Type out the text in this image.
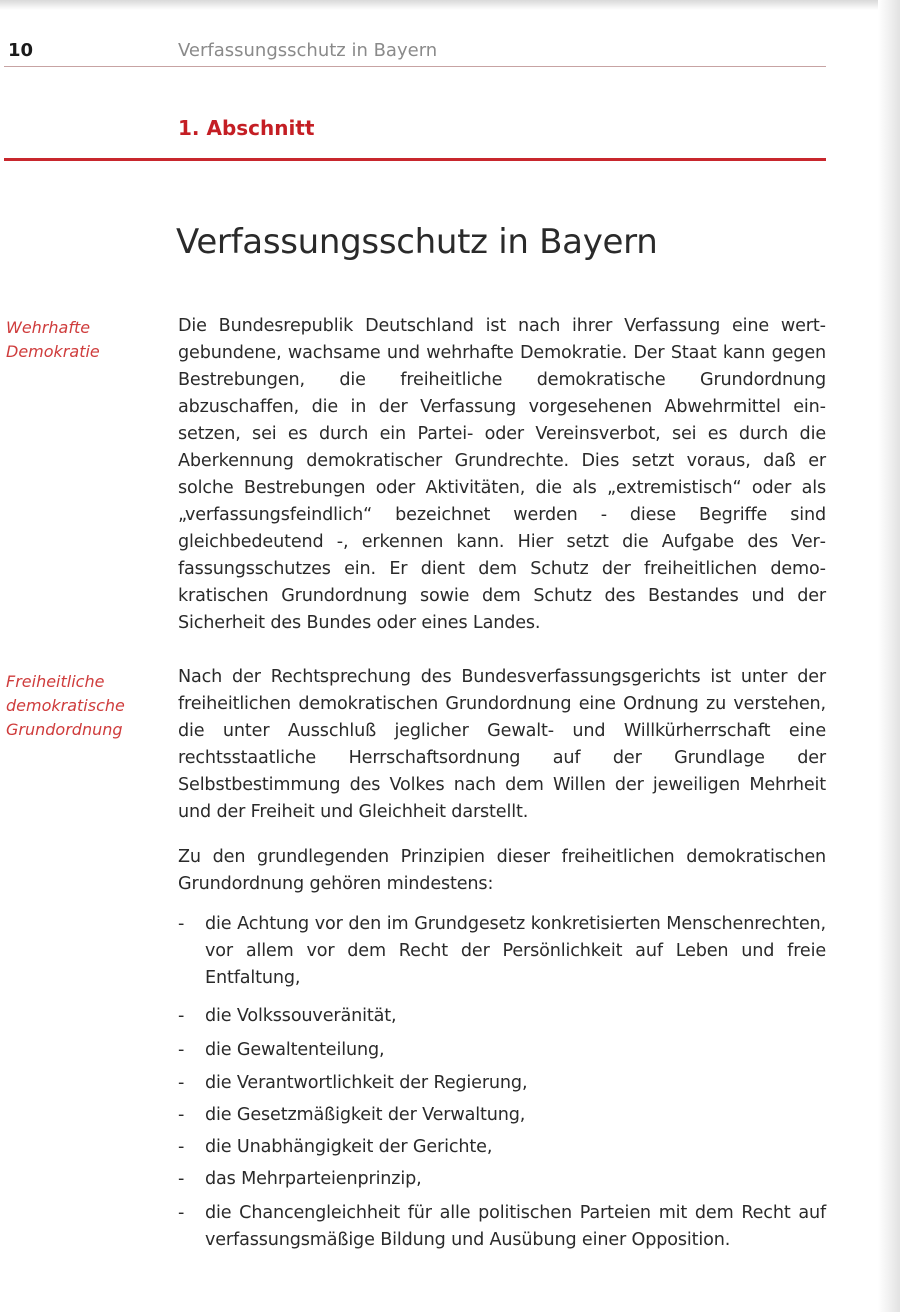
10	Verfassungsschutz in Bayern
1. Abschnitt
Verfassungsschutz in Bayern
Wehrhafte Demokratie
Freiheitliche demokratische Grundordnung

Die Bundesrepublik Deutschland ist nach ihrer Verfassung eine wertgebundene, wachsame und wehrhafte Demokratie. Der Staat kann gegen Bestrebungen, die freiheitliche demokratische Grundordnung abzuschaffen, die in der Verfassung vorgesehenen Abwehrmittel einsetzen, sei es durch ein Partei- oder Vereinsverbot, sei es durch die Aberkennung demokratischer Grundrechte. Dies setzt voraus, daß er solche Bestrebungen oder Aktivitäten, die als „extremistisch“ oder als „verfassungsfeindlich“ bezeichnet werden - diese Begriffe sind gleichbedeutend -, erkennen kann. Hier setzt die Aufgabe des Verfassungsschutzes ein. Er dient dem Schutz der freiheitlichen demokratischen Grundordnung sowie dem Schutz des Bestandes und der Sicherheit des Bundes oder eines Landes.

Nach der Rechtsprechung des Bundesverfassungsgerichts ist unter der freiheitlichen demokratischen Grundordnung eine Ordnung zu verstehen, die unter Ausschluß jeglicher Gewalt- und Willkürherrschaft eine rechtsstaatliche Herrschaftsordnung auf der Grundlage der Selbstbestimmung des Volkes nach dem Willen der jeweiligen Mehrheit und der Freiheit und Gleichheit darstellt.

Zu den grundlegenden Prinzipien dieser freiheitlichen demokratischen Grundordnung gehören mindestens:

- die Achtung vor den im Grundgesetz konkretisierten Menschenrechten, vor allem vor dem Recht der Persönlichkeit auf Leben und freie Entfaltung,
- die Volkssouveränität,
- die Gewaltenteilung,
- die Verantwortlichkeit der Regierung,
- die Gesetzmäßigkeit der Verwaltung,
- die Unabhängigkeit der Gerichte,
- das Mehrparteienprinzip,
- die Chancengleichheit für alle politischen Parteien mit dem Recht auf verfassungsmäßige Bildung und Ausübung einer Opposition.
